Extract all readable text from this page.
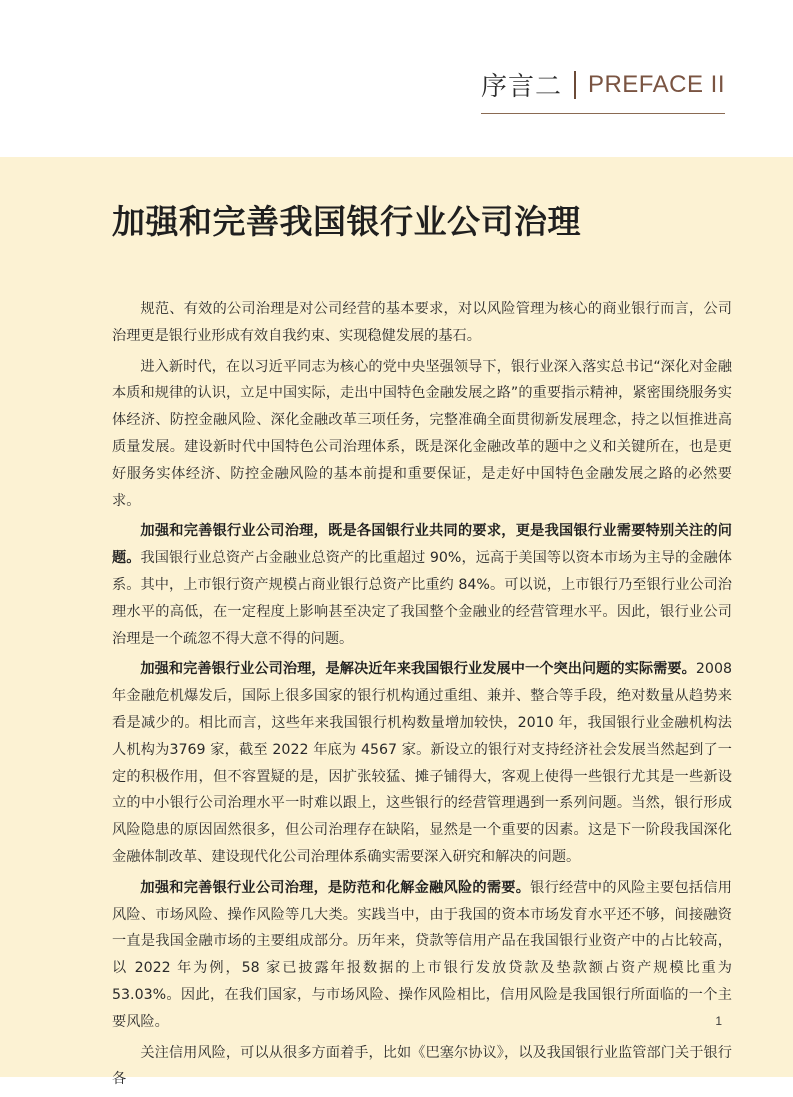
序言二 PREFACE II
加强和完善我国银行业公司治理

规范、有效的公司治理是对公司经营的基本要求，对以风险管理为核心的商业银行而言，公司治理更是银行业形成有效自我约束、实现稳健发展的基石。

进入新时代，在以习近平同志为核心的党中央坚强领导下，银行业深入落实总书记“深化对金融本质和规律的认识，立足中国实际，走出中国特色金融发展之路”的重要指示精神，紧密围绕服务实体经济、防控金融风险、深化金融改革三项任务，完整准确全面贯彻新发展理念，持之以恒推进高质量发展。建设新时代中国特色公司治理体系，既是深化金融改革的题中之义和关键所在，也是更好服务实体经济、防控金融风险的基本前提和重要保证，是走好中国特色金融发展之路的必然要求。

加强和完善银行业公司治理，既是各国银行业共同的要求，更是我国银行业需要特别关注的问题。我国银行业总资产占金融业总资产的比重超过 90%，远高于美国等以资本市场为主导的金融体系。其中，上市银行资产规模占商业银行总资产比重约 84%。可以说，上市银行乃至银行业公司治理水平的高低，在一定程度上影响甚至决定了我国整个金融业的经营管理水平。因此，银行业公司治理是一个疏忽不得大意不得的问题。

加强和完善银行业公司治理，是解决近年来我国银行业发展中一个突出问题的实际需要。2008年金融危机爆发后，国际上很多国家的银行机构通过重组、兼并、整合等手段，绝对数量从趋势来看是减少的。相比而言，这些年来我国银行机构数量增加较快，2010 年，我国银行业金融机构法人机构为3769 家，截至 2022 年底为 4567 家。新设立的银行对支持经济社会发展当然起到了一定的积极作用，但不容置疑的是，因扩张较猛、摊子铺得大，客观上使得一些银行尤其是一些新设立的中小银行公司治理水平一时难以跟上，这些银行的经营管理遇到一系列问题。当然，银行形成风险隐患的原因固然很多，但公司治理存在缺陷，显然是一个重要的因素。这是下一阶段我国深化金融体制改革、建设现代化公司治理体系确实需要深入研究和解决的问题。

加强和完善银行业公司治理，是防范和化解金融风险的需要。银行经营中的风险主要包括信用风险、市场风险、操作风险等几大类。实践当中，由于我国的资本市场发育水平还不够，间接融资一直是我国金融市场的主要组成部分。历年来，贷款等信用产品在我国银行业资产中的占比较高，以 2022 年为例，58 家已披露年报数据的上市银行发放贷款及垫款额占资产规模比重为 53.03%。因此，在我们国家，与市场风险、操作风险相比，信用风险是我国银行所面临的一个主要风险。

关注信用风险，可以从很多方面着手，比如《巴塞尔协议》，以及我国银行业监管部门关于银行各

1
